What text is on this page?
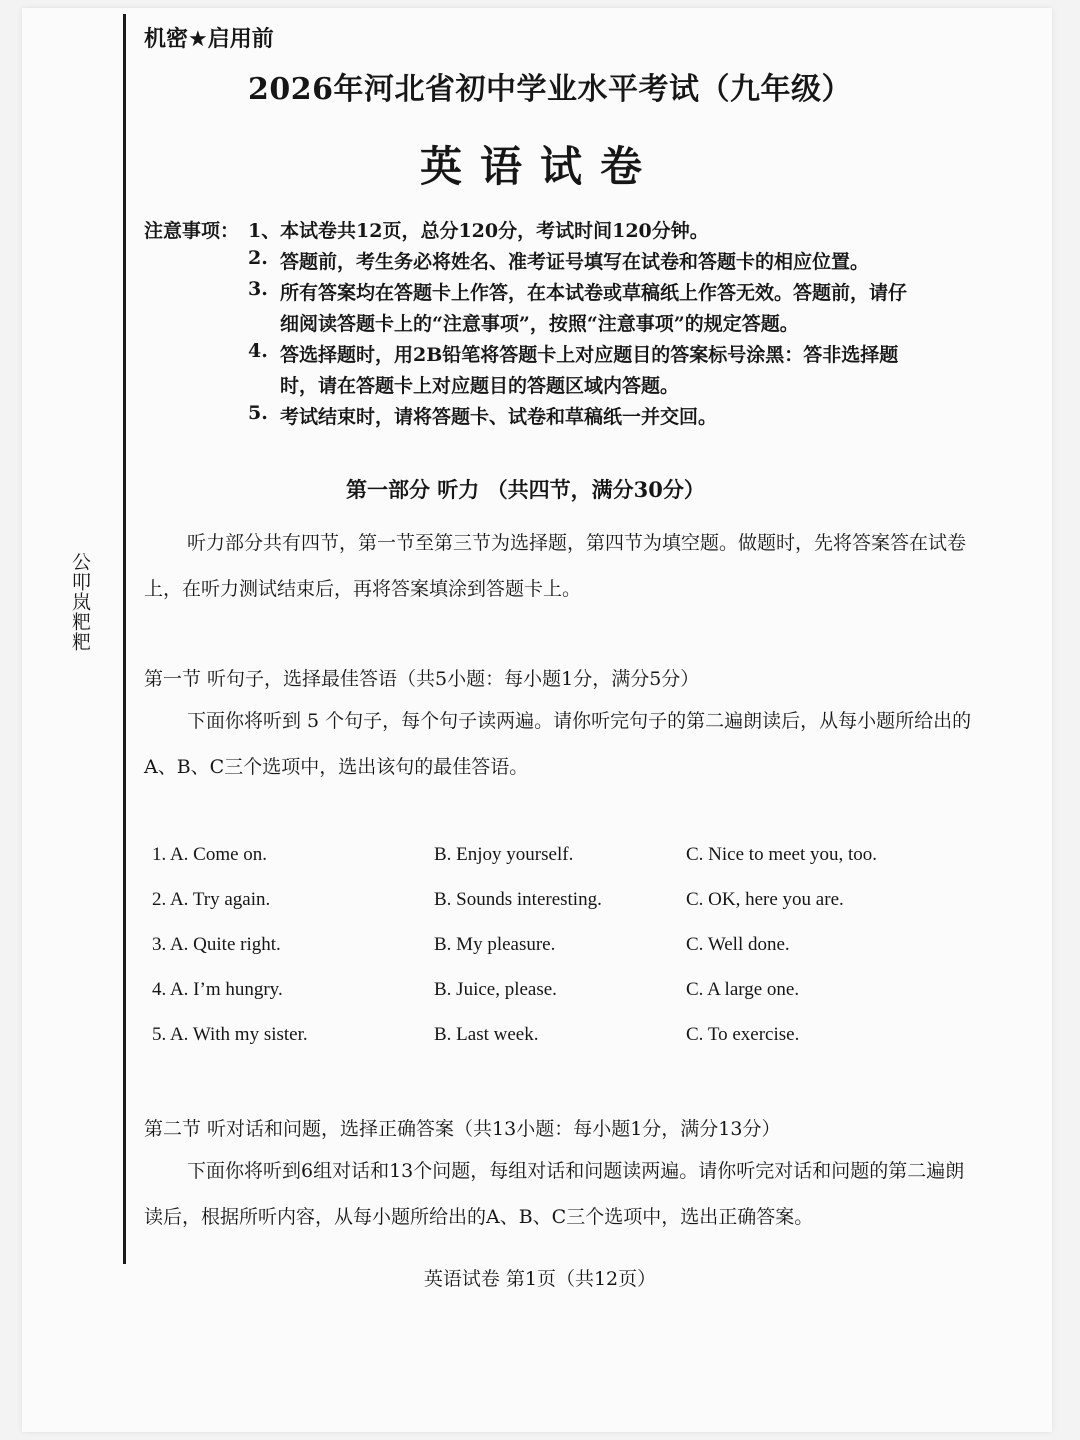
公叩岚粑粑
机密★启用前
2026年河北省初中学业水平考试（九年级）
英语试卷
注意事项： 1、 本试卷共12页，总分120分，考试时间120分钟。
2. 答题前，考生务必将姓名、准考证号填写在试卷和答题卡的相应位置。
3. 所有答案均在答题卡上作答，在本试卷或草稿纸上作答无效。答题前，请仔
细阅读答题卡上的“注意事项”，按照“注意事项”的规定答题。
4. 答选择题时，用2B铅笔将答题卡上对应题目的答案标号涂黑：答非选择题
时，请在答题卡上对应题目的答题区域内答题。
5. 考试结束时，请将答题卡、试卷和草稿纸一并交回。
第一部分 听力 （共四节，满分30分）
听力部分共有四节，第一节至第三节为选择题，第四节为填空题。做题时，先将答案答在试卷上，在听力测试结束后，再将答案填涂到答题卡上。
第一节 听句子，选择最佳答语（共5小题：每小题1分，满分5分）
下面你将听到 5 个句子，每个句子读两遍。请你听完句子的第二遍朗读后，从每小题所给出的A、B、C三个选项中，选出该句的最佳答语。
1. A. Come on.	B. Enjoy yourself.	C. Nice to meet you, too.
2. A. Try again.	B. Sounds interesting.	C. OK, here you are.
3. A. Quite right.	B. My pleasure.	C. Well done.
4. A. I’m hungry.	B. Juice, please.	C. A large one.
5. A. With my sister.	B. Last week.	C. To exercise.
第二节 听对话和问题，选择正确答案（共13小题：每小题1分，满分13分）
下面你将听到6组对话和13个问题，每组对话和问题读两遍。请你听完对话和问题的第二遍朗读后，根据所听内容，从每小题所给出的A、B、C三个选项中，选出正确答案。
英语试卷 第1页（共12页）
